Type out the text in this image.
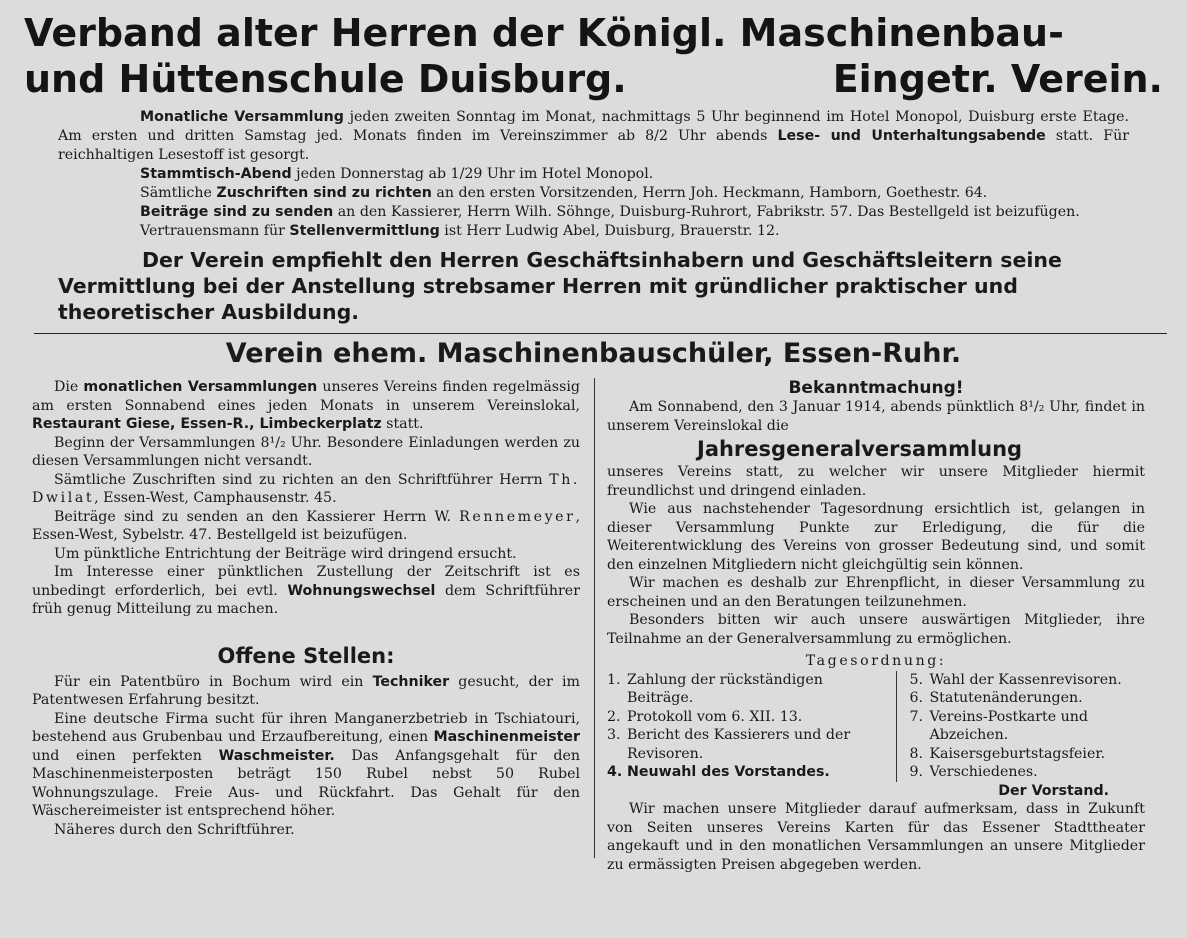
Verband alter Herren der Königl. Maschinenbau-
und Hüttenschule Duisburg.	Eingetr. Verein.

Monatliche Versammlung jeden zweiten Sonntag im Monat, nachmittags 5 Uhr beginnend im Hotel Monopol, Duisburg erste Etage. Am ersten und dritten Samstag jed. Monats finden im Vereinszimmer ab 8/2 Uhr abends Lese- und Unterhaltungsabende statt. Für reichhaltigen Lesestoff ist gesorgt.

Stammtisch-Abend jeden Donnerstag ab 1/29 Uhr im Hotel Monopol.

Sämtliche Zuschriften sind zu richten an den ersten Vorsitzenden, Herrn Joh. Heckmann, Hamborn, Goethestr. 64.

Beiträge sind zu senden an den Kassierer, Herrn Wilh. Söhnge, Duisburg-Ruhrort, Fabrikstr. 57. Das Bestellgeld ist beizufügen.

Vertrauensmann für Stellenvermittlung ist Herr Ludwig Abel, Duisburg, Brauerstr. 12.

Der Verein empfiehlt den Herren Geschäftsinhabern und Geschäftsleitern seine Vermittlung bei der Anstellung strebsamer Herren mit gründlicher praktischer und theoretischer Ausbildung.
Verein ehem. Maschinenbauschüler, Essen-Ruhr.

Die monatlichen Versammlungen unseres Vereins finden regelmässig am ersten Sonnabend eines jeden Monats in unserem Vereinslokal, Restaurant Giese, Essen-R., Limbeckerplatz statt.

Beginn der Versammlungen 8¹/₂ Uhr. Besondere Einladungen werden zu diesen Versammlungen nicht versandt.

Sämtliche Zuschriften sind zu richten an den Schriftführer Herrn Th. Dwilat, Essen-West, Camphausenstr. 45.

Beiträge sind zu senden an den Kassierer Herrn W. Rennemeyer, Essen-West, Sybelstr. 47. Bestellgeld ist beizufügen.

Um pünktliche Entrichtung der Beiträge wird dringend ersucht.

Im Interesse einer pünktlichen Zustellung der Zeitschrift ist es unbedingt erforderlich, bei evtl. Wohnungswechsel dem Schriftführer früh genug Mitteilung zu machen.

Offene Stellen:

Für ein Patentbüro in Bochum wird ein Techniker gesucht, der im Patentwesen Erfahrung besitzt.

Eine deutsche Firma sucht für ihren Manganerzbetrieb in Tschiatouri, bestehend aus Grubenbau und Erzaufbereitung, einen Maschinenmeister und einen perfekten Waschmeister. Das Anfangsgehalt für den Maschinenmeisterposten beträgt 150 Rubel nebst 50 Rubel Wohnungszulage. Freie Aus- und Rückfahrt. Das Gehalt für den Wäschereimeister ist entsprechend höher.

Näheres durch den Schriftführer.

Bekanntmachung!

Am Sonnabend, den 3 Januar 1914, abends pünktlich 8¹/₂ Uhr, findet in unserem Vereinslokal die

Jahresgeneralversammlung

unseres Vereins statt, zu welcher wir unsere Mitglieder hiermit freundlichst und dringend einladen.

Wie aus nachstehender Tagesordnung ersichtlich ist, gelangen in dieser Versammlung Punkte zur Erledigung, die für die Weiterentwicklung des Vereins von grosser Bedeutung sind, und somit den einzelnen Mitgliedern nicht gleichgültig sein können.

Wir machen es deshalb zur Ehrenpflicht, in dieser Versammlung zu erscheinen und an den Beratungen teilzunehmen.

Besonders bitten wir auch unsere auswärtigen Mitglieder, ihre Teilnahme an der Generalversammlung zu ermöglichen.

Tagesordnung:
1. Zahlung der rückständigen Beiträge.
2. Protokoll vom 6. XII. 13.
3. Bericht des Kassierers und der Revisoren.
4. Neuwahl des Vorstandes.
5. Wahl der Kassenrevisoren.
6. Statutenänderungen.
7. Vereins-Postkarte und Abzeichen.
8. Kaisersgeburtstagsfeier.
9. Verschiedenes.
Der Vorstand.

Wir machen unsere Mitglieder darauf aufmerksam, dass in Zukunft von Seiten unseres Vereins Karten für das Essener Stadttheater angekauft und in den monatlichen Versammlungen an unsere Mitglieder zu ermässigten Preisen abgegeben werden.
